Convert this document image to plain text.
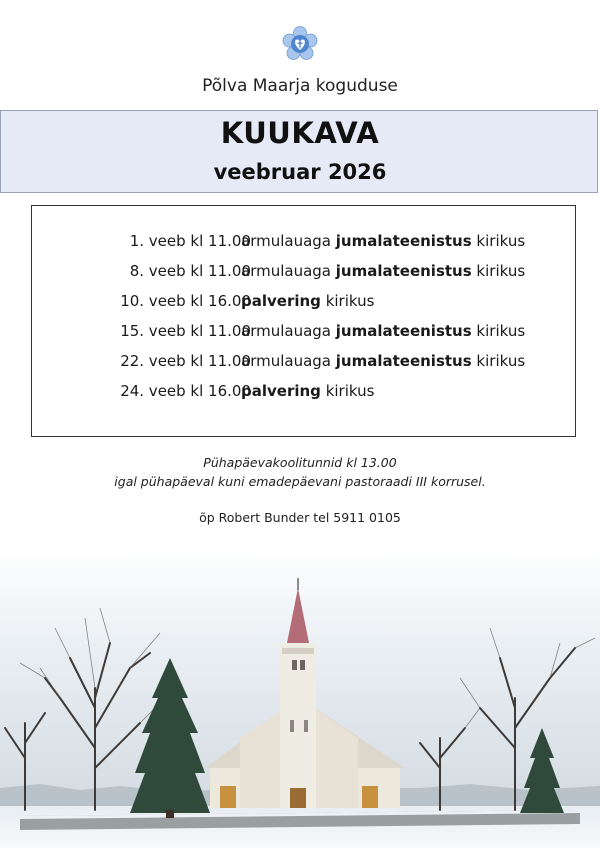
Põlva Maarja koguduse
KUUKAVA
veebruar 2026
1. veeb kl 11.00
armulauaga jumalateenistus kirikus
8. veeb kl 11.00
armulauaga jumalateenistus kirikus
10. veeb kl 16.00
palvering kirikus
15. veeb kl 11.00
armulauaga jumalateenistus kirikus
22. veeb kl 11.00
armulauaga jumalateenistus kirikus
24. veeb kl 16.00
palvering kirikus
Pühapäevakoolitunnid kl 13.00
igal pühapäeval kuni emadepäevani pastoraadi III korrusel.
õp Robert Bunder tel 5911 0105
